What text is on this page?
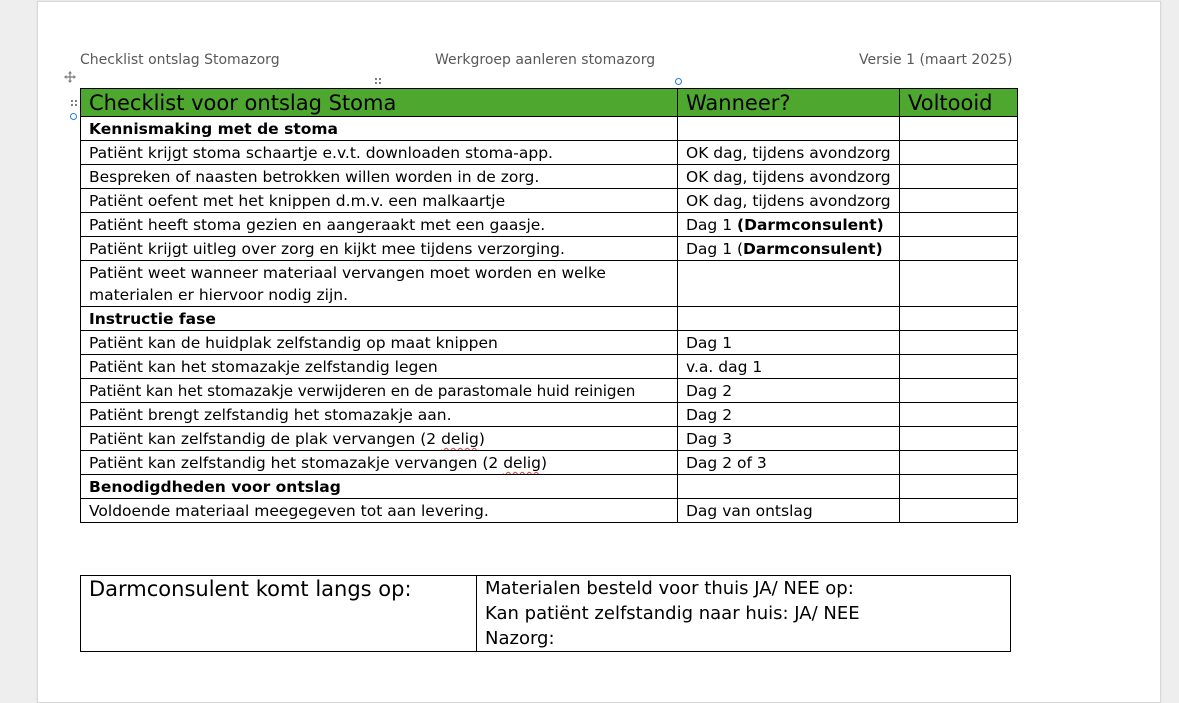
Checklist ontslag Stomazorg	Werkgroep aanleren stomazorg	Versie 1 (maart 2025)
Checklist voor ontslag Stoma	Wanneer?	Voltooid
Kennismaking met de stoma		
Patiënt krijgt stoma schaartje e.v.t. downloaden stoma-app.	OK dag, tijdens avondzorg	
Bespreken of naasten betrokken willen worden in de zorg.	OK dag, tijdens avondzorg	
Patiënt oefent met het knippen d.m.v. een malkaartje	OK dag, tijdens avondzorg	
Patiënt heeft stoma gezien en aangeraakt met een gaasje.	Dag 1 (Darmconsulent)	
Patiënt krijgt uitleg over zorg en kijkt mee tijdens verzorging.	Dag 1 (Darmconsulent)	
Patiënt weet wanneer materiaal vervangen moet worden en welke materialen er hiervoor nodig zijn.		
Instructie fase		
Patiënt kan de huidplak zelfstandig op maat knippen	Dag 1	
Patiënt kan het stomazakje zelfstandig legen	v.a. dag 1	
Patiënt kan het stomazakje verwijderen en de parastomale huid reinigen	Dag 2	
Patiënt brengt zelfstandig het stomazakje aan.	Dag 2	
Patiënt kan zelfstandig de plak vervangen (2 delig)	Dag 3	
Patiënt kan zelfstandig het stomazakje vervangen (2 delig)	Dag 2 of 3	
Benodigdheden voor ontslag		
Voldoende materiaal meegegeven tot aan levering.	Dag van ontslag	
Darmconsulent komt langs op:	Materialen besteld voor thuis JA/ NEE op:
Kan patiënt zelfstandig naar huis: JA/ NEE
Nazorg:
